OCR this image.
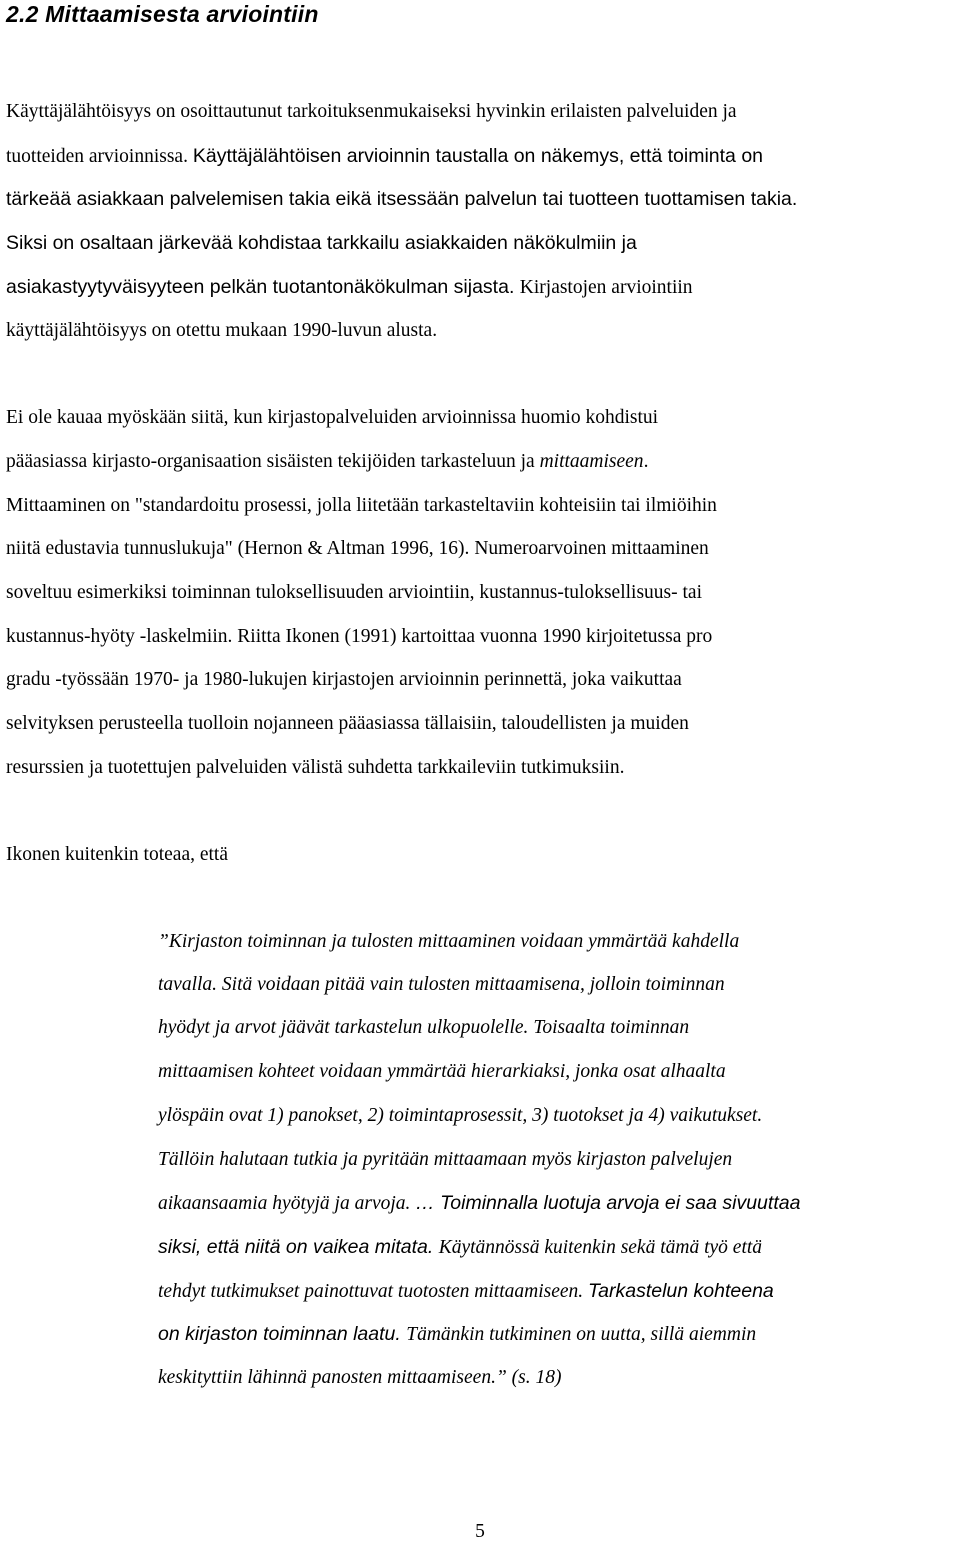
2.2 Mittaamisesta arviointiin

Käyttäjälähtöisyys on osoittautunut tarkoituksenmukaiseksi hyvinkin erilaisten palveluiden ja

tuotteiden arvioinnissa. Käyttäjälähtöisen arvioinnin taustalla on näkemys, että toiminta on

tärkeää asiakkaan palvelemisen takia eikä itsessään palvelun tai tuotteen tuottamisen takia.

Siksi on osaltaan järkevää kohdistaa tarkkailu asiakkaiden näkökulmiin ja

asiakastyytyväisyyteen pelkän tuotantonäkökulman sijasta. Kirjastojen arviointiin

käyttäjälähtöisyys on otettu mukaan 1990-luvun alusta.

Ei ole kauaa myöskään siitä, kun kirjastopalveluiden arvioinnissa huomio kohdistui

pääasiassa kirjasto-organisaation sisäisten tekijöiden tarkasteluun ja mittaamiseen.

Mittaaminen on "standardoitu prosessi, jolla liitetään tarkasteltaviin kohteisiin tai ilmiöihin

niitä edustavia tunnuslukuja" (Hernon & Altman 1996, 16). Numeroarvoinen mittaaminen

soveltuu esimerkiksi toiminnan tuloksellisuuden arviointiin, kustannus-tuloksellisuus- tai

kustannus-hyöty -laskelmiin. Riitta Ikonen (1991) kartoittaa vuonna 1990 kirjoitetussa pro

gradu -työssään 1970- ja 1980-lukujen kirjastojen arvioinnin perinnettä, joka vaikuttaa

selvityksen perusteella tuolloin nojanneen pääasiassa tällaisiin, taloudellisten ja muiden

resurssien ja tuotettujen palveluiden välistä suhdetta tarkkaileviin tutkimuksiin.

Ikonen kuitenkin toteaa, että

”Kirjaston toiminnan ja tulosten mittaaminen voidaan ymmärtää kahdella

tavalla. Sitä voidaan pitää vain tulosten mittaamisena, jolloin toiminnan

hyödyt ja arvot jäävät tarkastelun ulkopuolelle. Toisaalta toiminnan

mittaamisen kohteet voidaan ymmärtää hierarkiaksi, jonka osat alhaalta

ylöspäin ovat 1) panokset, 2) toimintaprosessit, 3) tuotokset ja 4) vaikutukset.

Tällöin halutaan tutkia ja pyritään mittaamaan myös kirjaston palvelujen

aikaansaamia hyötyjä ja arvoja. … Toiminnalla luotuja arvoja ei saa sivuuttaa

siksi, että niitä on vaikea mitata. Käytännössä kuitenkin sekä tämä työ että

tehdyt tutkimukset painottuvat tuotosten mittaamiseen. Tarkastelun kohteena

on kirjaston toiminnan laatu. Tämänkin tutkiminen on uutta, sillä aiemmin

keskityttiin lähinnä panosten mittaamiseen.” (s. 18)

5
